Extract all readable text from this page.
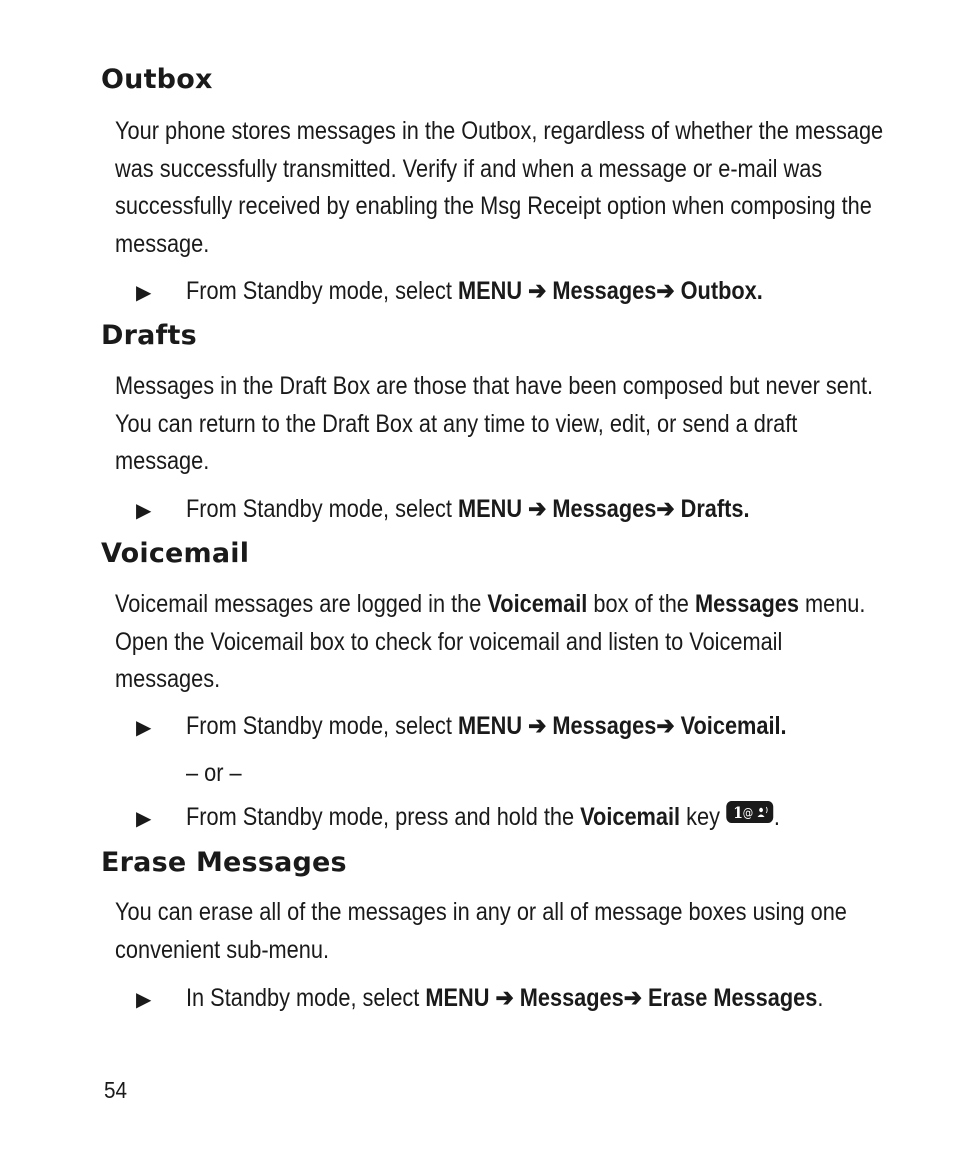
Outbox

Your phone stores messages in the Outbox, regardless of whether the message was successfully transmitted. Verify if and when a message or e-mail was successfully received by enabling the Msg Receipt option when composing the message.

▶ From Standby mode, select MENU ➔ Messages➔ Outbox.
Drafts

Messages in the Draft Box are those that have been composed but never sent. You can return to the Draft Box at any time to view, edit, or send a draft message.

▶ From Standby mode, select MENU ➔ Messages➔ Drafts.
Voicemail

Voicemail messages are logged in the Voicemail box of the Messages menu. Open the Voicemail box to check for voicemail and listen to Voicemail messages.

▶ From Standby mode, select MENU ➔ Messages➔ Voicemail.

– or –

▶ From Standby mode, press and hold the Voicemail key 1 @ .
Erase Messages

You can erase all of the messages in any or all of message boxes using one convenient sub-menu.

▶ In Standby mode, select MENU ➔ Messages➔ Erase Messages.
54
